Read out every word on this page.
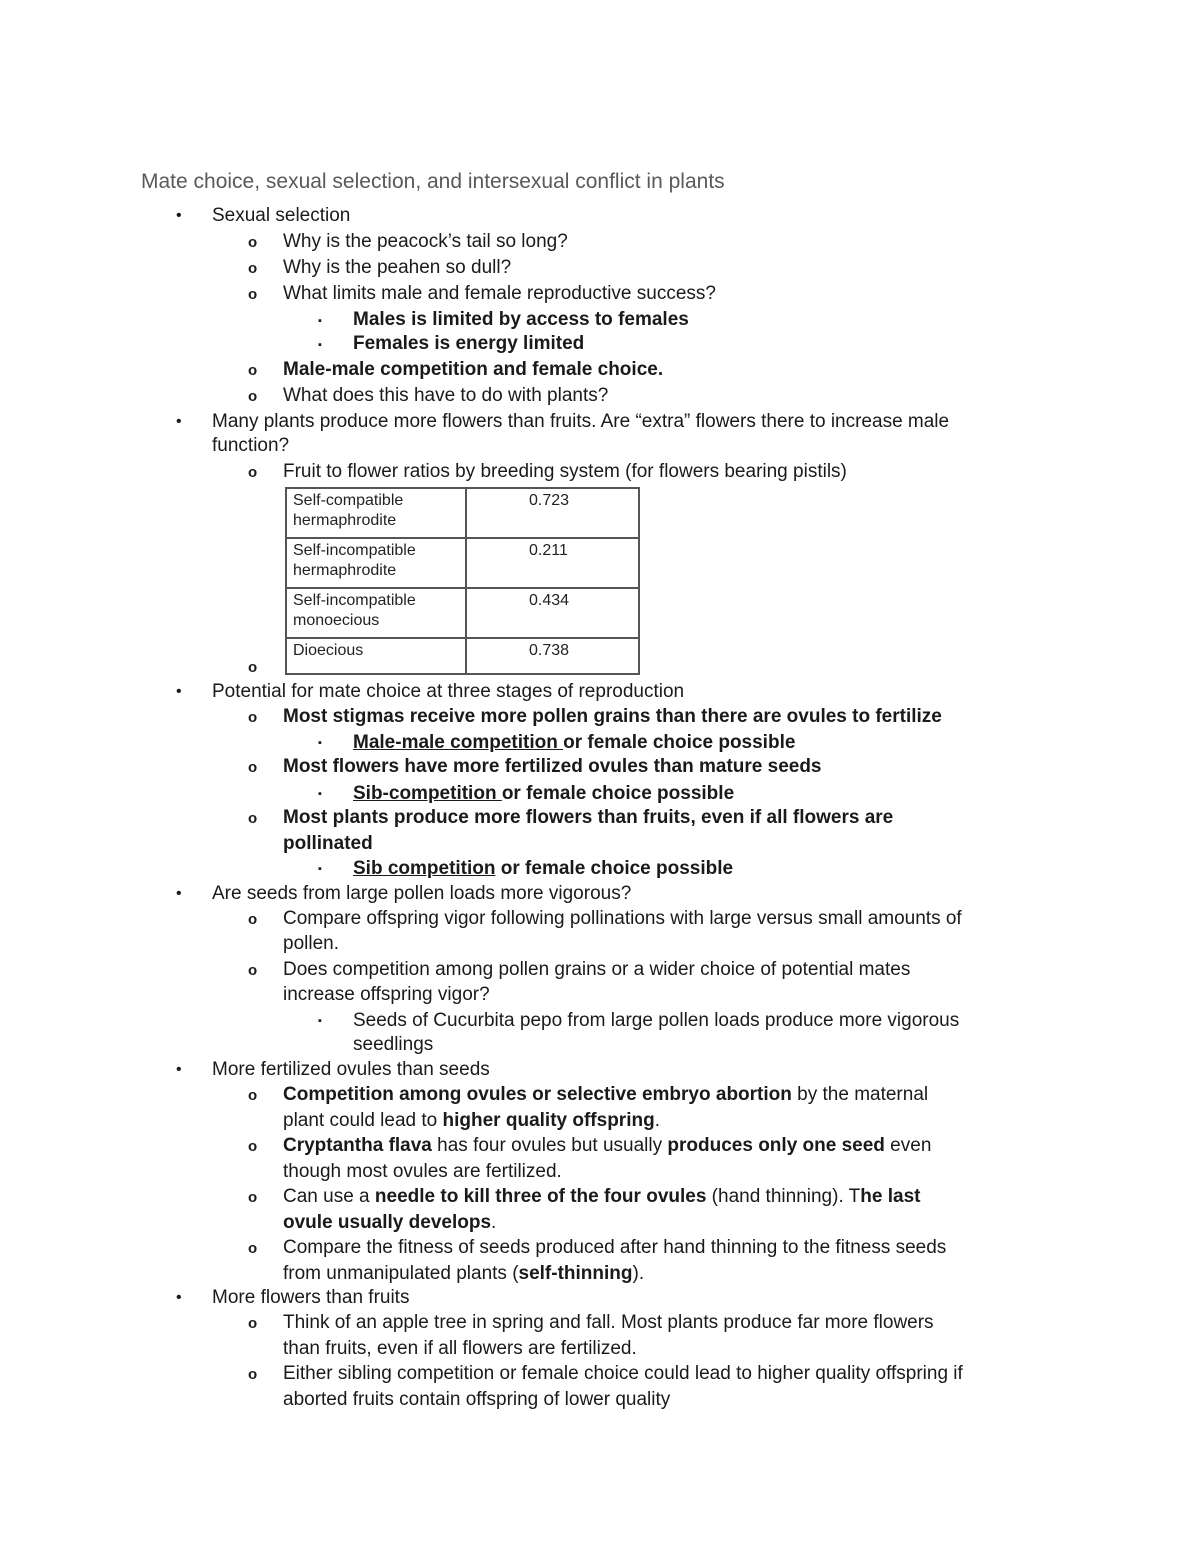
Mate choice, sexual selection, and intersexual conflict in plants
• Sexual selection
o Why is the peacock’s tail so long?
o Why is the peahen so dull?
o What limits male and female reproductive success?
▪ Males is limited by access to females
▪ Females is energy limited
o Male-male competition and female choice.
o What does this have to do with plants?
• Many plants produce more flowers than fruits. Are “extra” flowers there to increase male
function?
o Fruit to flower ratios by breeding system (for flowers bearing pistils)
Self-compatible
hermaphrodite	0.723
Self-incompatible
hermaphrodite	0.211
Self-incompatible
monoecious	0.434
Dioecious	0.738
o
• Potential for mate choice at three stages of reproduction
o Most stigmas receive more pollen grains than there are ovules to fertilize
▪ Male-male competition or female choice possible
o Most flowers have more fertilized ovules than mature seeds
▪ Sib-competition or female choice possible
o Most plants produce more flowers than fruits, even if all flowers are
pollinated
▪ Sib competition or female choice possible
• Are seeds from large pollen loads more vigorous?
o Compare offspring vigor following pollinations with large versus small amounts of
pollen.
o Does competition among pollen grains or a wider choice of potential mates
increase offspring vigor?
▪ Seeds of Cucurbita pepo from large pollen loads produce more vigorous
seedlings
• More fertilized ovules than seeds
o Competition among ovules or selective embryo abortion by the maternal
plant could lead to higher quality offspring.
o Cryptantha flava has four ovules but usually produces only one seed even
though most ovules are fertilized.
o Can use a needle to kill three of the four ovules (hand thinning). The last
ovule usually develops.
o Compare the fitness of seeds produced after hand thinning to the fitness seeds
from unmanipulated plants (self-thinning).
• More flowers than fruits
o Think of an apple tree in spring and fall. Most plants produce far more flowers
than fruits, even if all flowers are fertilized.
o Either sibling competition or female choice could lead to higher quality offspring if
aborted fruits contain offspring of lower quality
